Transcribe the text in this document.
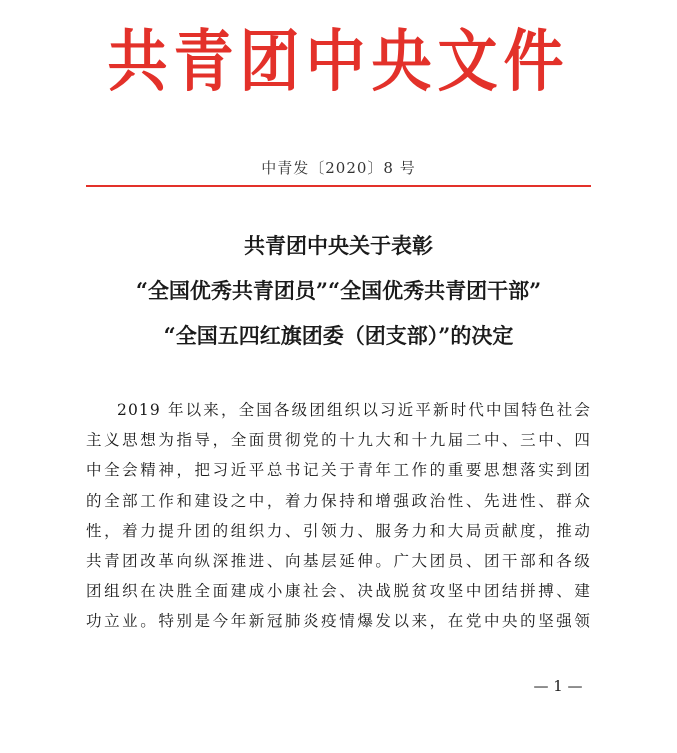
共青团中央文件
中青发〔2020〕8 号
共青团中央关于表彰
“全国优秀共青团员”“全国优秀共青团干部”
“全国五四红旗团委（团支部）”的决定
2019 年以来，全国各级团组织以习近平新时代中国特色社会
主义思想为指导，全面贯彻党的十九大和十九届二中、三中、四
中全会精神，把习近平总书记关于青年工作的重要思想落实到团
的全部工作和建设之中，着力保持和增强政治性、先进性、群众
性，着力提升团的组织力、引领力、服务力和大局贡献度，推动
共青团改革向纵深推进、向基层延伸。广大团员、团干部和各级
团组织在决胜全面建成小康社会、决战脱贫攻坚中团结拼搏、建
功立业。特别是今年新冠肺炎疫情爆发以来，在党中央的坚强领
— 1 —
